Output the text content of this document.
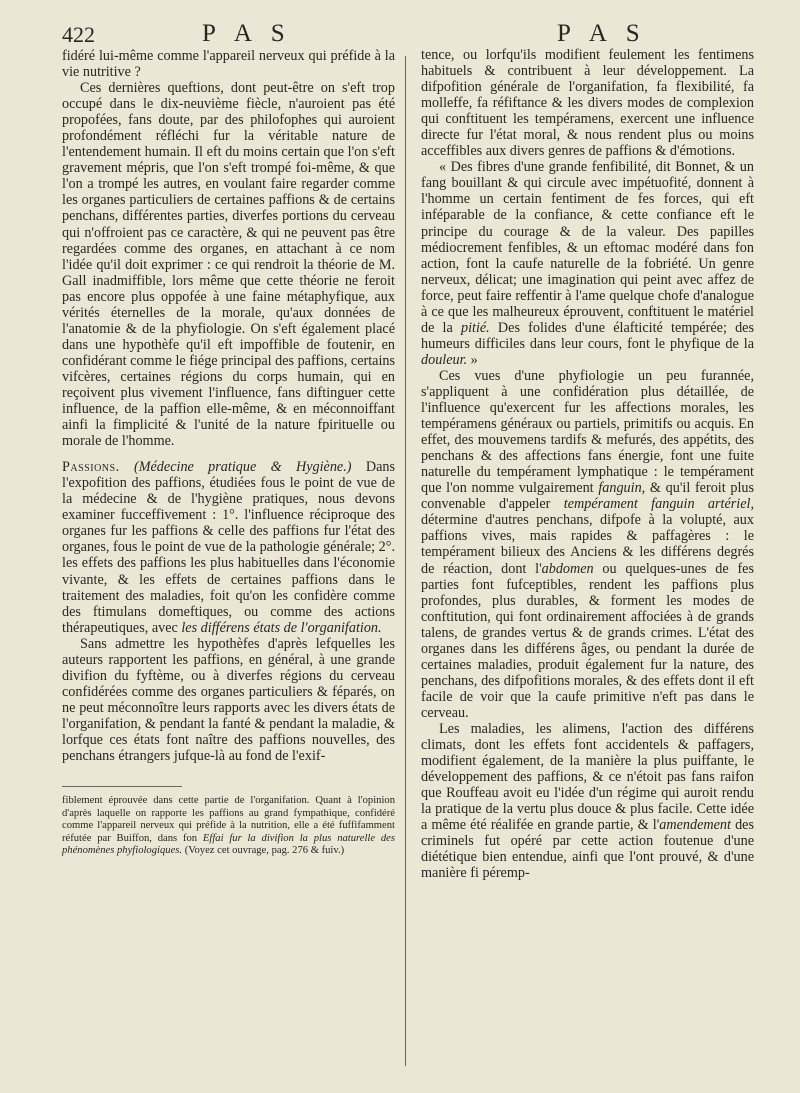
422	P A S	P A S

fidéré lui-même comme l'appareil nerveux qui préfide à la vie nutritive ?

Ces dernières queftions, dont peut-être on s'eft trop occupé dans le dix-neuvième fiècle, n'auroient pas été propofées, fans doute, par des philofophes qui auroient profondément réfléchi fur la véritable nature de l'entendement humain. Il eft du moins certain que l'on s'eft gravement mépris, que l'on s'eft trompé foi-même, & que l'on a trompé les autres, en voulant faire regarder comme les organes particuliers de certaines paffions & de certains penchans, différentes parties, diverfes portions du cerveau qui n'offroient pas ce caractère, & qui ne peuvent pas être regardées comme des organes, en attachant à ce nom l'idée qu'il doit exprimer : ce qui rendroit la théorie de M. Gall inadmiffible, lors même que cette théorie ne feroit pas encore plus oppofée à une faine métaphyfique, aux vérités éternelles de la morale, qu'aux données de l'anatomie & de la phyfiologie. On s'eft également placé dans une hypothèfe qu'il eft impoffible de foutenir, en confidérant comme le fiége principal des paffions, certains vifcères, certaines régions du corps humain, qui en reçoivent plus vivement l'influence, fans diftinguer cette influence, de la paffion elle-même, & en méconnoiffant ainfi la fimplicité & l'unité de la nature fpirituelle ou morale de l'homme.

Passions. (Médecine pratique & Hygiène.) Dans l'expofition des paffions, étudiées fous le point de vue de la médecine & de l'hygiène pratiques, nous devons examiner fucceffivement : 1°. l'influence réciproque des organes fur les paffions & celle des paffions fur l'état des organes, fous le point de vue de la pathologie générale; 2°. les effets des paffions les plus habituelles dans l'économie vivante, & les effets de certaines paffions dans le traitement des maladies, foit qu'on les confidère comme des ftimulans domeftiques, ou comme des actions thérapeutiques, avec les différens états de l'organifation.

Sans admettre les hypothèfes d'après lefquelles les auteurs rapportent les paffions, en général, à une grande divifion du fyftème, ou à diverfes régions du cerveau confidérées comme des organes particuliers & féparés, on ne peut méconnoître leurs rapports avec les divers états de l'organifation, & pendant la fanté & pendant la maladie, & lorfque ces états font naître des paffions nouvelles, des penchans étrangers jufque-là au fond de l'exif-

fiblement éprouvée dans cette partie de l'organifation. Quant à l'opinion d'après laquelle on rapporte les paffions au grand fympathique, confidéré comme l'appareil nerveux qui préfide à la nutrition, elle a été fuffifamment réfutée par Buiffon, dans fon Effai fur la divifion la plus naturelle des phénomènes phyfiologiques. (Voyez cet ouvrage, pag. 276 & fuiv.)

tence, ou lorfqu'ils modifient feulement les fentimens habituels & contribuent à leur développement. La difpofition générale de l'organifation, fa flexibilité, fa molleffe, fa réfiftance & les divers modes de complexion qui conftituent les tempéramens, exercent une influence directe fur l'état moral, & nous rendent plus ou moins acceffibles aux divers genres de paffions & d'émotions.

« Des fibres d'une grande fenfibilité, dit Bonnet, & un fang bouillant & qui circule avec impétuofité, donnent à l'homme un certain fentiment de fes forces, qui eft inféparable de la confiance, & cette confiance eft le principe du courage & de la valeur. Des papilles médiocrement fenfibles, & un eftomac modéré dans fon action, font la caufe naturelle de la fobriété. Un genre nerveux, délicat; une imagination qui peint avec affez de force, peut faire reffentir à l'ame quelque chofe d'analogue à ce que les malheureux éprouvent, conftituent le matériel de la pitié. Des folides d'une élafticité tempérée; des humeurs difficiles dans leur cours, font le phyfique de la douleur. »

Ces vues d'une phyfiologie un peu furannée, s'appliquent à une confidération plus détaillée, de l'influence qu'exercent fur les affections morales, les tempéramens généraux ou partiels, primitifs ou acquis. En effet, des mouvemens tardifs & mefurés, des appétits, des penchans & des affections fans énergie, font une fuite naturelle du tempérament lymphatique : le tempérament que l'on nomme vulgairement fanguin, & qu'il feroit plus convenable d'appeler tempérament fanguin artériel, détermine d'autres penchans, difpofe à la volupté, aux paffions vives, mais rapides & paffagères : le tempérament bilieux des Anciens & les différens degrés de réaction, dont l'abdomen ou quelques-unes de fes parties font fufceptibles, rendent les paffions plus profondes, plus durables, & forment les modes de conftitution, qui font ordinairement affociées à de grands talens, de grandes vertus & de grands crimes. L'état des organes dans les différens âges, ou pendant la durée de certaines maladies, produit également fur la nature, des penchans, des difpofitions morales, & des effets dont il eft facile de voir que la caufe primitive n'eft pas dans le cerveau.

Les maladies, les alimens, l'action des différens climats, dont les effets font accidentels & paffagers, modifient également, de la manière la plus puiffante, le développement des paffions, & ce n'étoit pas fans raifon que Rouffeau avoit eu l'idée d'un régime qui auroit rendu la pratique de la vertu plus douce & plus facile. Cette idée a même été réalifée en grande partie, & l'amendement des criminels fut opéré par cette action foutenue d'une diététique bien entendue, ainfi que l'ont prouvé, & d'une manière fi péremp-
